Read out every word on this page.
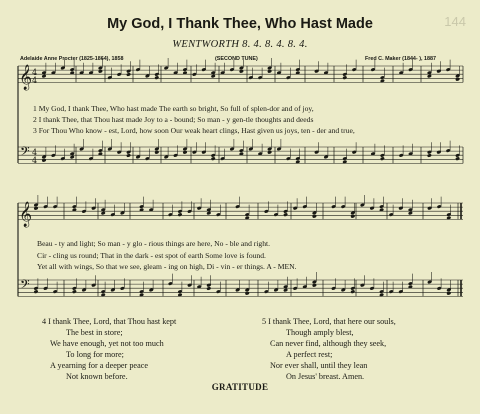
144
My God, I Thank Thee, Who Hast Made
WENTWORTH 8. 4. 8. 4. 8. 4.
Adelaide Anne Procter (1825-1864), 1858	(SECOND TUNE)	Fred C. Maker (1844- ), 1887
𝄞
𝄢
4
4
4
4
𝄞
𝄢
1 My God, I thank Thee, Who hast made The earth so bright, So full of splen-dor and of joy,
2 I thank Thee, that Thou hast made Joy to a - bound; So man - y gen-tle thoughts and deeds
3 For Thou Who know - est, Lord, how soon Our weak heart clings, Hast given us joys, ten - der and true,
Beau - ty and light; So man - y glo - rious things are here, No - ble and right.
Cir - cling us round; That in the dark - est spot of earth Some love is found.
Yet all with wings, So that we see, gleam - ing on high, Di - vin - er things. A - MEN.
4 I thank Thee, Lord, that Thou hast kept
The best in store;
We have enough, yet not too much
To long for more;
A yearning for a deeper peace
Not known before.
5 I thank Thee, Lord, that here our souls,
Though amply blest,
Can never find, although they seek,
A perfect rest;
Nor ever shall, until they lean
On Jesus' breast. Amen.
GRATITUDE
